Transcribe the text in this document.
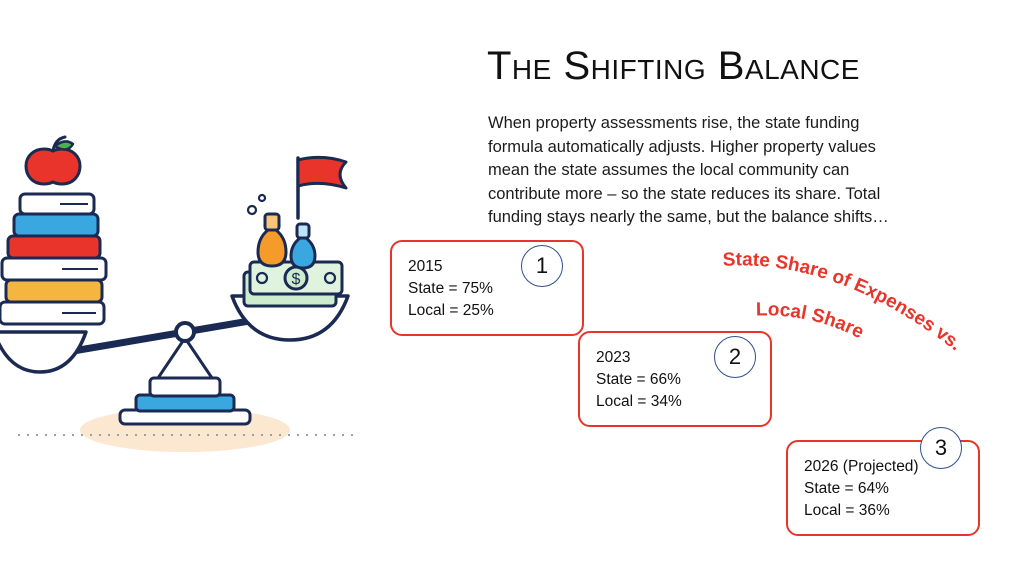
$
The Shifting Balance
When property assessments rise, the state funding formula automatically adjusts. Higher property values mean the state assumes the local community can contribute more – so the state reduces its share. Total funding stays nearly the same, but the balance shifts…
State Share of Expenses vs.
Local Share
2015
State = 75%
Local = 25%
1
2023
State = 66%
Local = 34%
2
2026 (Projected)
State = 64%
Local = 36%
3
